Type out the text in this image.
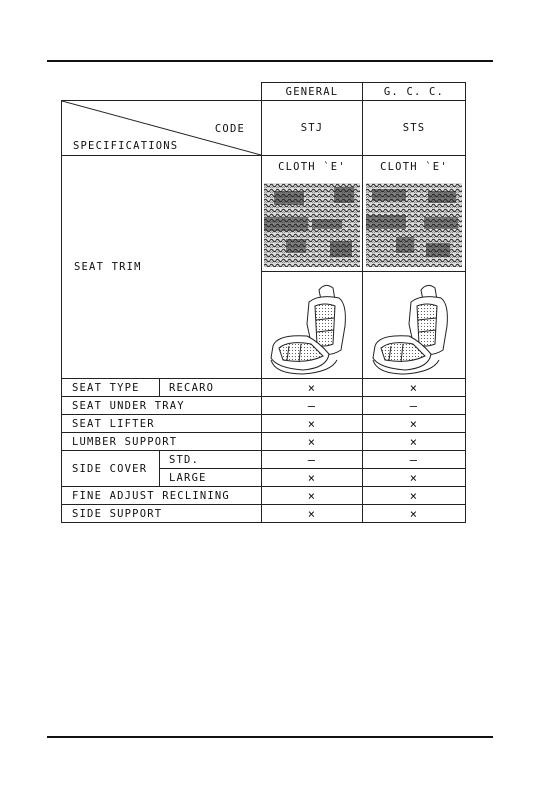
		GENERAL	G. C. C.

CODE
SPECIFICATIONS		STJ	STS
SEAT TRIM		CLOTH `E'	CLOTH `E'

SEAT TYPE	RECARO	×	×
SEAT UNDER TRAY		–	–
SEAT LIFTER		×	×
LUMBER SUPPORT		×	×
SIDE COVER	STD.	–	–
	LARGE	×	×
FINE ADJUST RECLINING		×	×
SIDE SUPPORT		×	×
